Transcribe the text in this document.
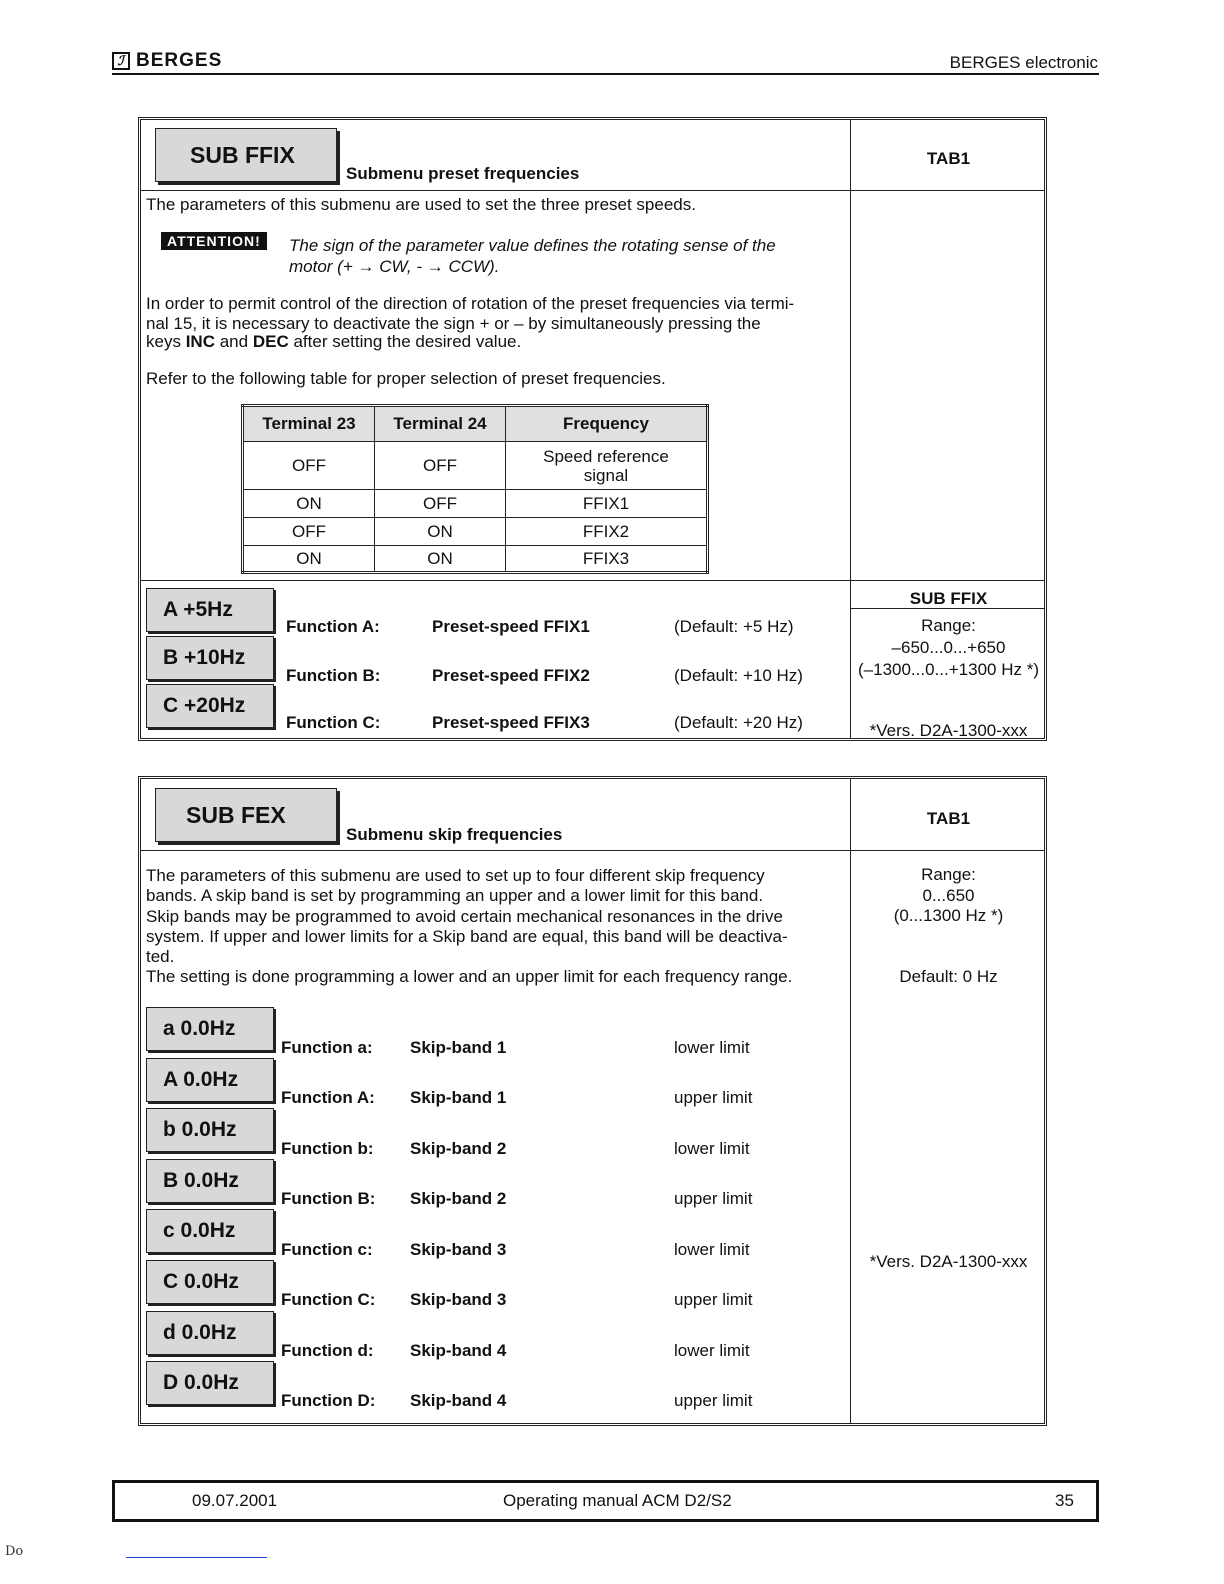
ℐ BERGES	BERGES electronic
SUB FFIX
Submenu preset frequencies
TAB1
The parameters of this submenu are used to set the three preset speeds.
ATTENTION!	The sign of the parameter value defines the rotating sense of the
motor (+ → CW, - → CCW).
In order to permit control of the direction of rotation of the preset frequencies via termi-
nal 15, it is necessary to deactivate the sign + or – by simultaneously pressing the
keys INC and DEC after setting the desired value.
Refer to the following table for proper selection of preset frequencies.
Terminal 23	Terminal 24	Frequency
OFF	OFF	Speed reference signal
ON	OFF	FFIX1
OFF	ON	FFIX2
ON	ON	FFIX3
A +5Hz
B +10Hz
C +20Hz
Function A:	Preset-speed FFIX1	(Default: +5 Hz)
Function B:	Preset-speed FFIX2	(Default: +10 Hz)
Function C:	Preset-speed FFIX3	(Default: +20 Hz)
SUB FFIX
Range:
–650...0...+650
(–1300...0...+1300 Hz *)
*Vers. D2A-1300-xxx
SUB FEX
Submenu skip frequencies
TAB1
The parameters of this submenu are used to set up to four different skip frequency
bands. A skip band is set by programming an upper and a lower limit for this band.
Skip bands may be programmed to avoid certain mechanical resonances in the drive
system. If upper and lower limits for a Skip band are equal, this band will be deactiva-
ted.
The setting is done programming a lower and an upper limit for each frequency range.
Range:
0...650
(0...1300 Hz *)
Default: 0 Hz
*Vers. D2A-1300-xxx
a 0.0Hz
A 0.0Hz
b 0.0Hz
B 0.0Hz
c 0.0Hz
C 0.0Hz
d 0.0Hz
D 0.0Hz
Function a: Skip-band 1	lower limit
Function A: Skip-band 1	upper limit
Function b: Skip-band 2	lower limit
Function B: Skip-band 2	upper limit
Function c: Skip-band 3	lower limit
Function C: Skip-band 3	upper limit
Function d: Skip-band 4	lower limit
Function D: Skip-band 4	upper limit
09.07.2001	Operating manual ACM D2/S2	35
Do
